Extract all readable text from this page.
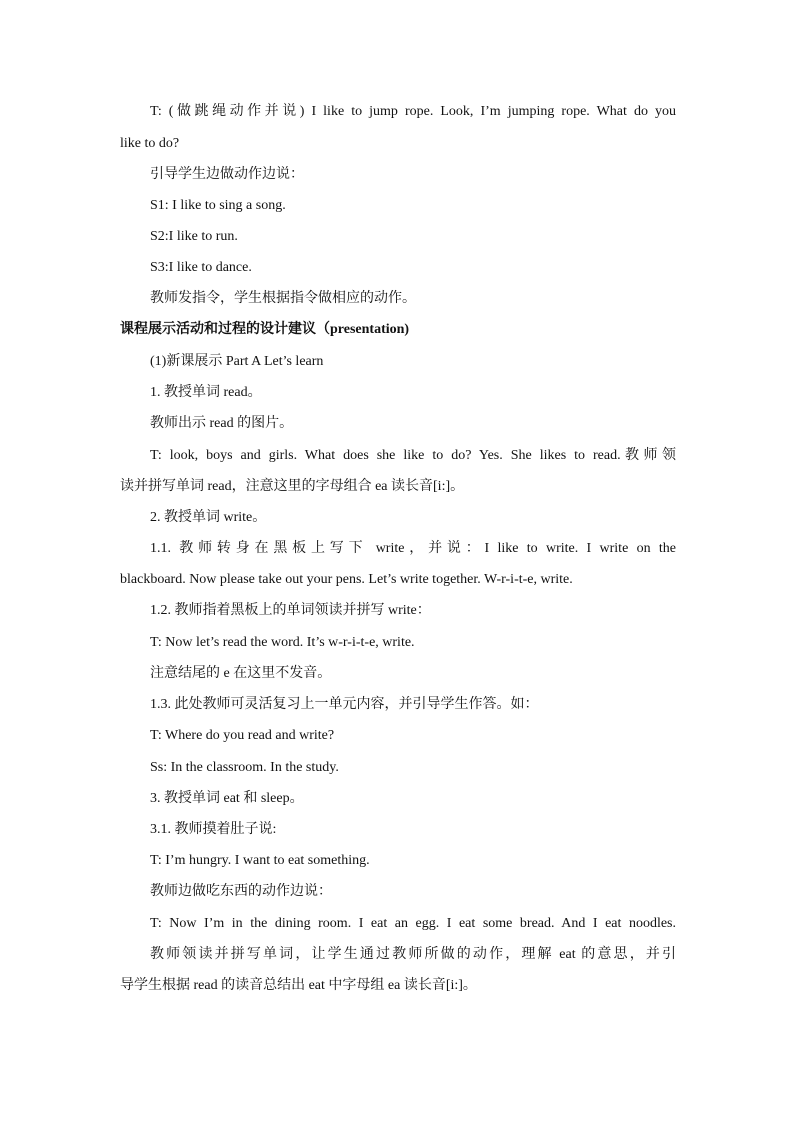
T: (做跳绳动作并说) I like to jump rope. Look, I’m jumping rope. What do you
like to do?
引导学生边做动作边说：
S1: I like to sing a song.
S2:I like to run.
S3:I like to dance.
教师发指令，学生根据指令做相应的动作。
课程展示活动和过程的设计建议（presentation)
(1)新课展示 Part A Let’s learn
1. 教授单词 read。
教师出示 read 的图片。
T: look, boys and girls. What does she like to do? Yes. She likes to read.教师领
读并拼写单词 read，注意这里的字母组合 ea 读长音[i:]。
2. 教授单词 write。
1.1. 教师转身在黑板上写下 write，并说：I like to write. I write on the
blackboard. Now please take out your pens. Let’s write together. W-r-i-t-e, write.
1.2. 教师指着黑板上的单词领读并拼写 write：
T: Now let’s read the word. It’s w-r-i-t-e, write.
注意结尾的 e 在这里不发音。
1.3. 此处教师可灵活复习上一单元内容，并引导学生作答。如：
T: Where do you read and write?
Ss: In the classroom. In the study.
3. 教授单词 eat 和 sleep。
3.1. 教师摸着肚子说:
T: I’m hungry. I want to eat something.
教师边做吃东西的动作边说：
T: Now I’m in the dining room. I eat an egg. I eat some bread. And I eat noodles.
教师领读并拼写单词，让学生通过教师所做的动作，理解 eat 的意思，并引
导学生根据 read 的读音总结出 eat 中字母组 ea 读长音[i:]。
